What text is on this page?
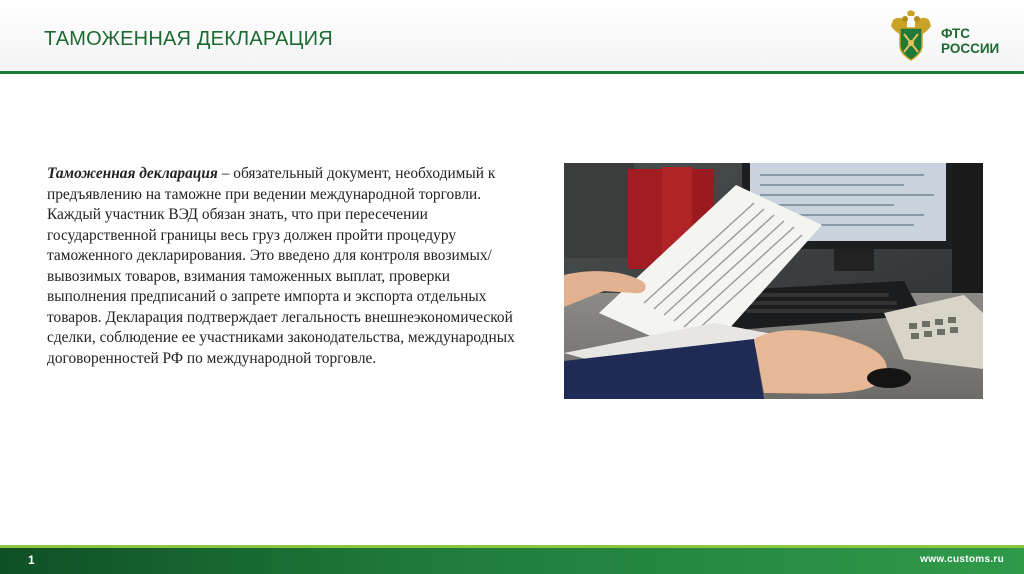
ТАМОЖЕННАЯ ДЕКЛАРАЦИЯ	ФТС
РОССИИ
Таможенная декларация – обязательный документ, необходимый к предъявлению на таможне при ведении международной торговли. Каждый участник ВЭД обязан знать, что при пересечении государственной границы весь груз должен пройти процедуру таможенного декларирования. Это введено для контроля ввозимых/вывозимых товаров, взимания таможенных выплат, проверки выполнения предписаний о запрете импорта и экспорта отдельных товаров. Декларация подтверждает легальность внешнеэкономической сделки, соблюдение ее участниками законодательства, международных договоренностей РФ по международной торговле.
1	www.customs.ru
